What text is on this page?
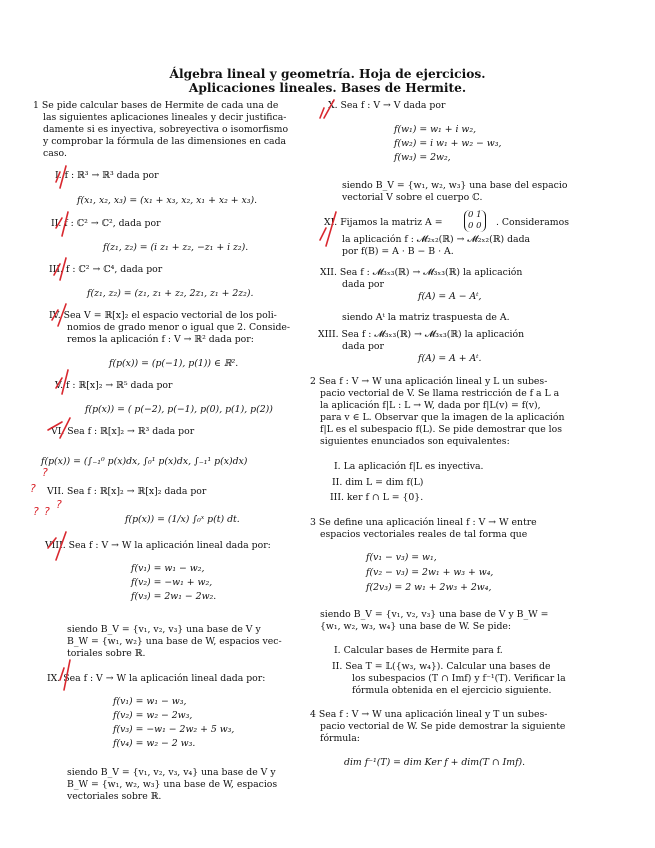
Álgebra lineal y geometría. Hoja de ejercicios.
Aplicaciones lineales. Bases de Hermite.
1 Se pide calcular bases de Hermite de cada una de
las siguientes aplicaciones lineales y decir justifica-
damente si es inyectiva, sobreyectiva o isomorfismo
y comprobar la fórmula de las dimensiones en cada
caso.
I. f : ℝ³ → ℝ³ dada por
f(x₁, x₂, x₃) = (x₁ + x₃, x₂, x₁ + x₂ + x₃).
II. f : ℂ² → ℂ², dada por
f(z₁, z₂) = (i z₁ + z₂, −z₁ + i z₂).
III. f : ℂ² → ℂ⁴, dada por
f(z₁, z₂) = (z₁, z₁ + z₂, 2z₁, z₁ + 2z₂).
IV. Sea V = ℝ[x]₂ el espacio vectorial de los poli-
nomios de grado menor o igual que 2. Conside-
remos la aplicación f : V → ℝ² dada por:
f(p(x)) = (p(−1), p(1)) ∈ ℝ².
V. f : ℝ[x]₂ → ℝ⁵ dada por
f(p(x)) = ( p(−2), p(−1), p(0), p(1), p(2))
VI. Sea f : ℝ[x]₂ → ℝ³ dada por
f(p(x)) = (∫₋₁⁰ p(x)dx, ∫₀¹ p(x)dx, ∫₋₁¹ p(x)dx)
VII. Sea f : ℝ[x]₂ → ℝ[x]₂ dada por
f(p(x)) = (1/x) ∫₀ˣ p(t) dt.
VIII. Sea f : V → W la aplicación lineal dada por:
f(v₁) = w₁ − w₂,
f(v₂) = −w₁ + w₂,
f(v₃) = 2w₁ − 2w₂.
siendo B_V = {v₁, v₂, v₃} una base de V y
B_W = {w₁, w₂} una base de W, espacios vec-
toriales sobre ℝ.
IX. Sea f : V → W la aplicación lineal dada por:
f(v₁) = w₁ − w₃,
f(v₂) = w₂ − 2w₃,
f(v₃) = −w₁ − 2w₂ + 5 w₃,
f(v₄) = w₂ − 2 w₃.
siendo B_V = {v₁, v₂, v₃, v₄} una base de V y
B_W = {w₁, w₂, w₃} una base de W, espacios
vectoriales sobre ℝ.
X. Sea f : V → V dada por
f(w₁) = w₁ + i w₂,
f(w₂) = i w₁ + w₂ − w₃,
f(w₃) = 2w₂,
siendo B_V = {w₁, w₂, w₃} una base del espacio
vectorial V sobre el cuerpo ℂ.
XI. Fijamos la matriz A =
0 1
0 0 . Consideramos
la aplicación f : 𝓜₂ₓ₂(ℝ) → 𝓜₂ₓ₂(ℝ) dada
por f(B) = A · B − B · A.
XII. Sea f : 𝓜₃ₓ₃(ℝ) → 𝓜₃ₓ₃(ℝ) la aplicación
dada por
f(A) = A − Aᵗ,
siendo Aᵗ la matriz traspuesta de A.
XIII. Sea f : 𝓜₃ₓ₃(ℝ) → 𝓜₃ₓ₃(ℝ) la aplicación
dada por
f(A) = A + Aᵗ.
2 Sea f : V → W una aplicación lineal y L un subes-
pacio vectorial de V. Se llama restricción de f a L a
la aplicación f|L : L → W, dada por f|L(v) = f(v),
para v ∈ L. Observar que la imagen de la aplicación
f|L es el subespacio f(L). Se pide demostrar que los
siguientes enunciados son equivalentes:
I. La aplicación f|L es inyectiva.
II. dim L = dim f(L)
III. ker f ∩ L = {0}.
3 Se define una aplicación lineal f : V → W entre
espacios vectoriales reales de tal forma que
f(v₁ − v₃) = w₁,
f(v₂ − v₃) = 2w₁ + w₃ + w₄,
f(2v₃) = 2 w₁ + 2w₃ + 2w₄,
siendo B_V = {v₁, v₂, v₃} una base de V y B_W =
{w₁, w₂, w₃, w₄} una base de W. Se pide:
I. Calcular bases de Hermite para f.
II. Sea T = 𝕃({w₃, w₄}). Calcular una bases de
los subespacios (T ∩ Imf) y f⁻¹(T). Verificar la
fórmula obtenida en el ejercicio siguiente.
4 Sea f : V → W una aplicación lineal y T un subes-
pacio vectorial de W. Se pide demostrar la siguiente
fórmula:
dim f⁻¹(T) = dim Ker f + dim(T ∩ Imf).
?
?
? ?
?
